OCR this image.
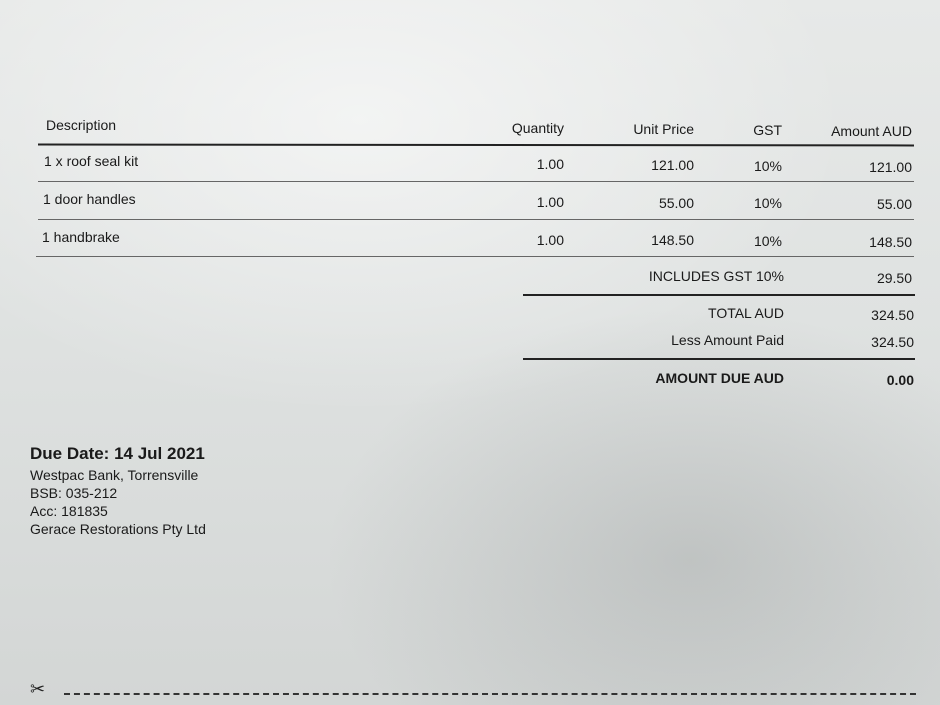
Description	Quantity	Unit Price	GST	Amount AUD
1 x roof seal kit	1.00	121.00	10%	121.00
1 door handles	1.00	55.00	10%	55.00
1 handbrake	1.00	148.50	10%	148.50
INCLUDES GST 10%	29.50
TOTAL AUD	324.50
Less Amount Paid	324.50
AMOUNT DUE AUD	0.00
Due Date: 14 Jul 2021
Westpac Bank, Torrensville
BSB: 035-212
Acc: 181835
Gerace Restorations Pty Ltd
✂
